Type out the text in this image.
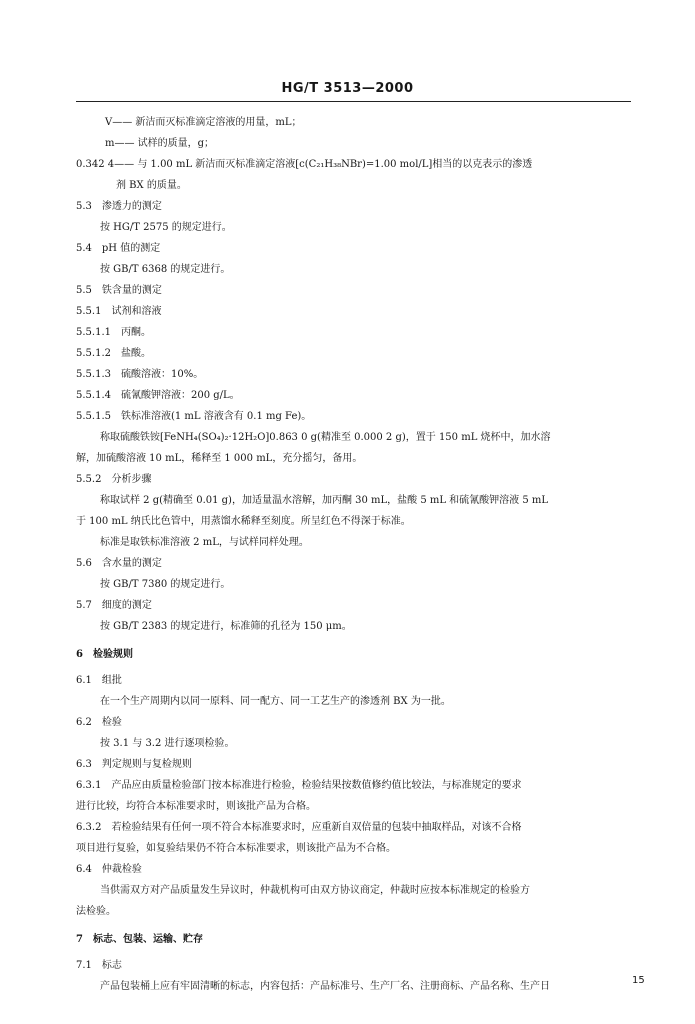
HG/T 3513—2000
V—— 新洁而灭标准滴定溶液的用量，mL；
m—— 试样的质量，g；
0.342 4—— 与 1.00 mL 新洁而灭标准滴定溶液[c(C₂₁H₃₈NBr)=1.00 mol/L]相当的以克表示的渗透
剂 BX 的质量。
5.3　渗透力的测定
按 HG/T 2575 的规定进行。
5.4　pH 值的测定
按 GB/T 6368 的规定进行。
5.5　铁含量的测定
5.5.1　试剂和溶液
5.5.1.1　丙酮。
5.5.1.2　盐酸。
5.5.1.3　硫酸溶液：10%。
5.5.1.4　硫氰酸钾溶液：200 g/L。
5.5.1.5　铁标准溶液(1 mL 溶液含有 0.1 mg Fe)。
称取硫酸铁铵[FeNH₄(SO₄)₂·12H₂O]0.863 0 g(精准至 0.000 2 g)，置于 150 mL 烧杯中，加水溶
解，加硫酸溶液 10 mL，稀释至 1 000 mL，充分摇匀，备用。
5.5.2　分析步骤
称取试样 2 g(精确至 0.01 g)，加适量温水溶解，加丙酮 30 mL，盐酸 5 mL 和硫氰酸钾溶液 5 mL
于 100 mL 纳氏比色管中，用蒸馏水稀释至刻度。所呈红色不得深于标准。
标准是取铁标准溶液 2 mL，与试样同样处理。
5.6　含水量的测定
按 GB/T 7380 的规定进行。
5.7　细度的测定
按 GB/T 2383 的规定进行，标准筛的孔径为 150 μm。
6　检验规则
6.1　组批
在一个生产周期内以同一原料、同一配方、同一工艺生产的渗透剂 BX 为一批。
6.2　检验
按 3.1 与 3.2 进行逐项检验。
6.3　判定规则与复检规则
6.3.1　产品应由质量检验部门按本标准进行检验，检验结果按数值修约值比较法，与标准规定的要求
进行比较，均符合本标准要求时，则该批产品为合格。
6.3.2　若检验结果有任何一项不符合本标准要求时，应重新自双倍量的包装中抽取样品，对该不合格
项目进行复验，如复验结果仍不符合本标准要求，则该批产品为不合格。
6.4　仲裁检验
当供需双方对产品质量发生异议时，仲裁机构可由双方协议商定，仲裁时应按本标准规定的检验方
法检验。
7　标志、包装、运输、贮存
7.1　标志
产品包装桶上应有牢固清晰的标志，内容包括：产品标准号、生产厂名、注册商标、产品名称、生产日
15
